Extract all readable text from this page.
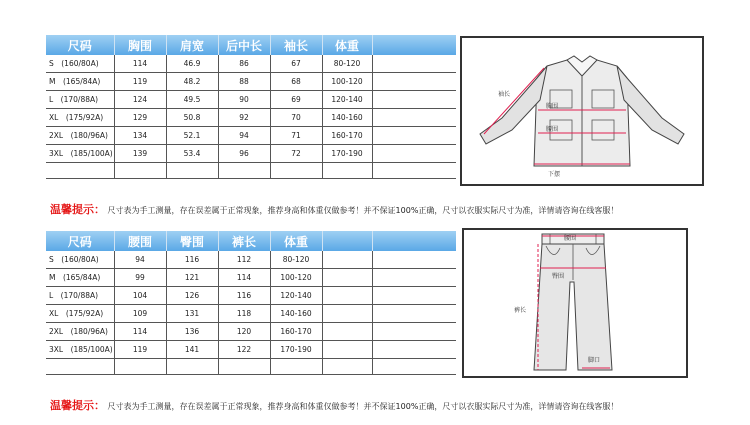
尺码	胸围	肩宽	后中长	袖长	体重	
S　(160/80A)	114	46.9	86	67	80-120	
M　(165/84A)	119	48.2	88	68	100-120	
L　(170/88A)	124	49.5	90	69	120-140	
XL　(175/92A)	129	50.8	92	70	140-160	
2XL　(180/96A)	134	52.1	94	71	160-170	
3XL　(185/100A)	139	53.4	96	72	170-190	

温馨提示： 尺寸表为手工测量，存在误差属于正常现象，推荐身高和体重仅做参考！并不保证100%正确，尺寸以衣服实际尺寸为准，详情请咨询在线客服！
袖长
胸围
腰围
下摆
尺码	腰围	臀围	裤长	体重		
S　(160/80A)	94	116	112	80-120		
M　(165/84A)	99	121	114	100-120		
L　(170/88A)	104	126	116	120-140		
XL　(175/92A)	109	131	118	140-160		
2XL　(180/96A)	114	136	120	160-170		
3XL　(185/100A)	119	141	122	170-190		

温馨提示： 尺寸表为手工测量，存在误差属于正常现象，推荐身高和体重仅做参考！并不保证100%正确，尺寸以衣服实际尺寸为准，详情请咨询在线客服！
腰围
臀围
裤长
脚口
